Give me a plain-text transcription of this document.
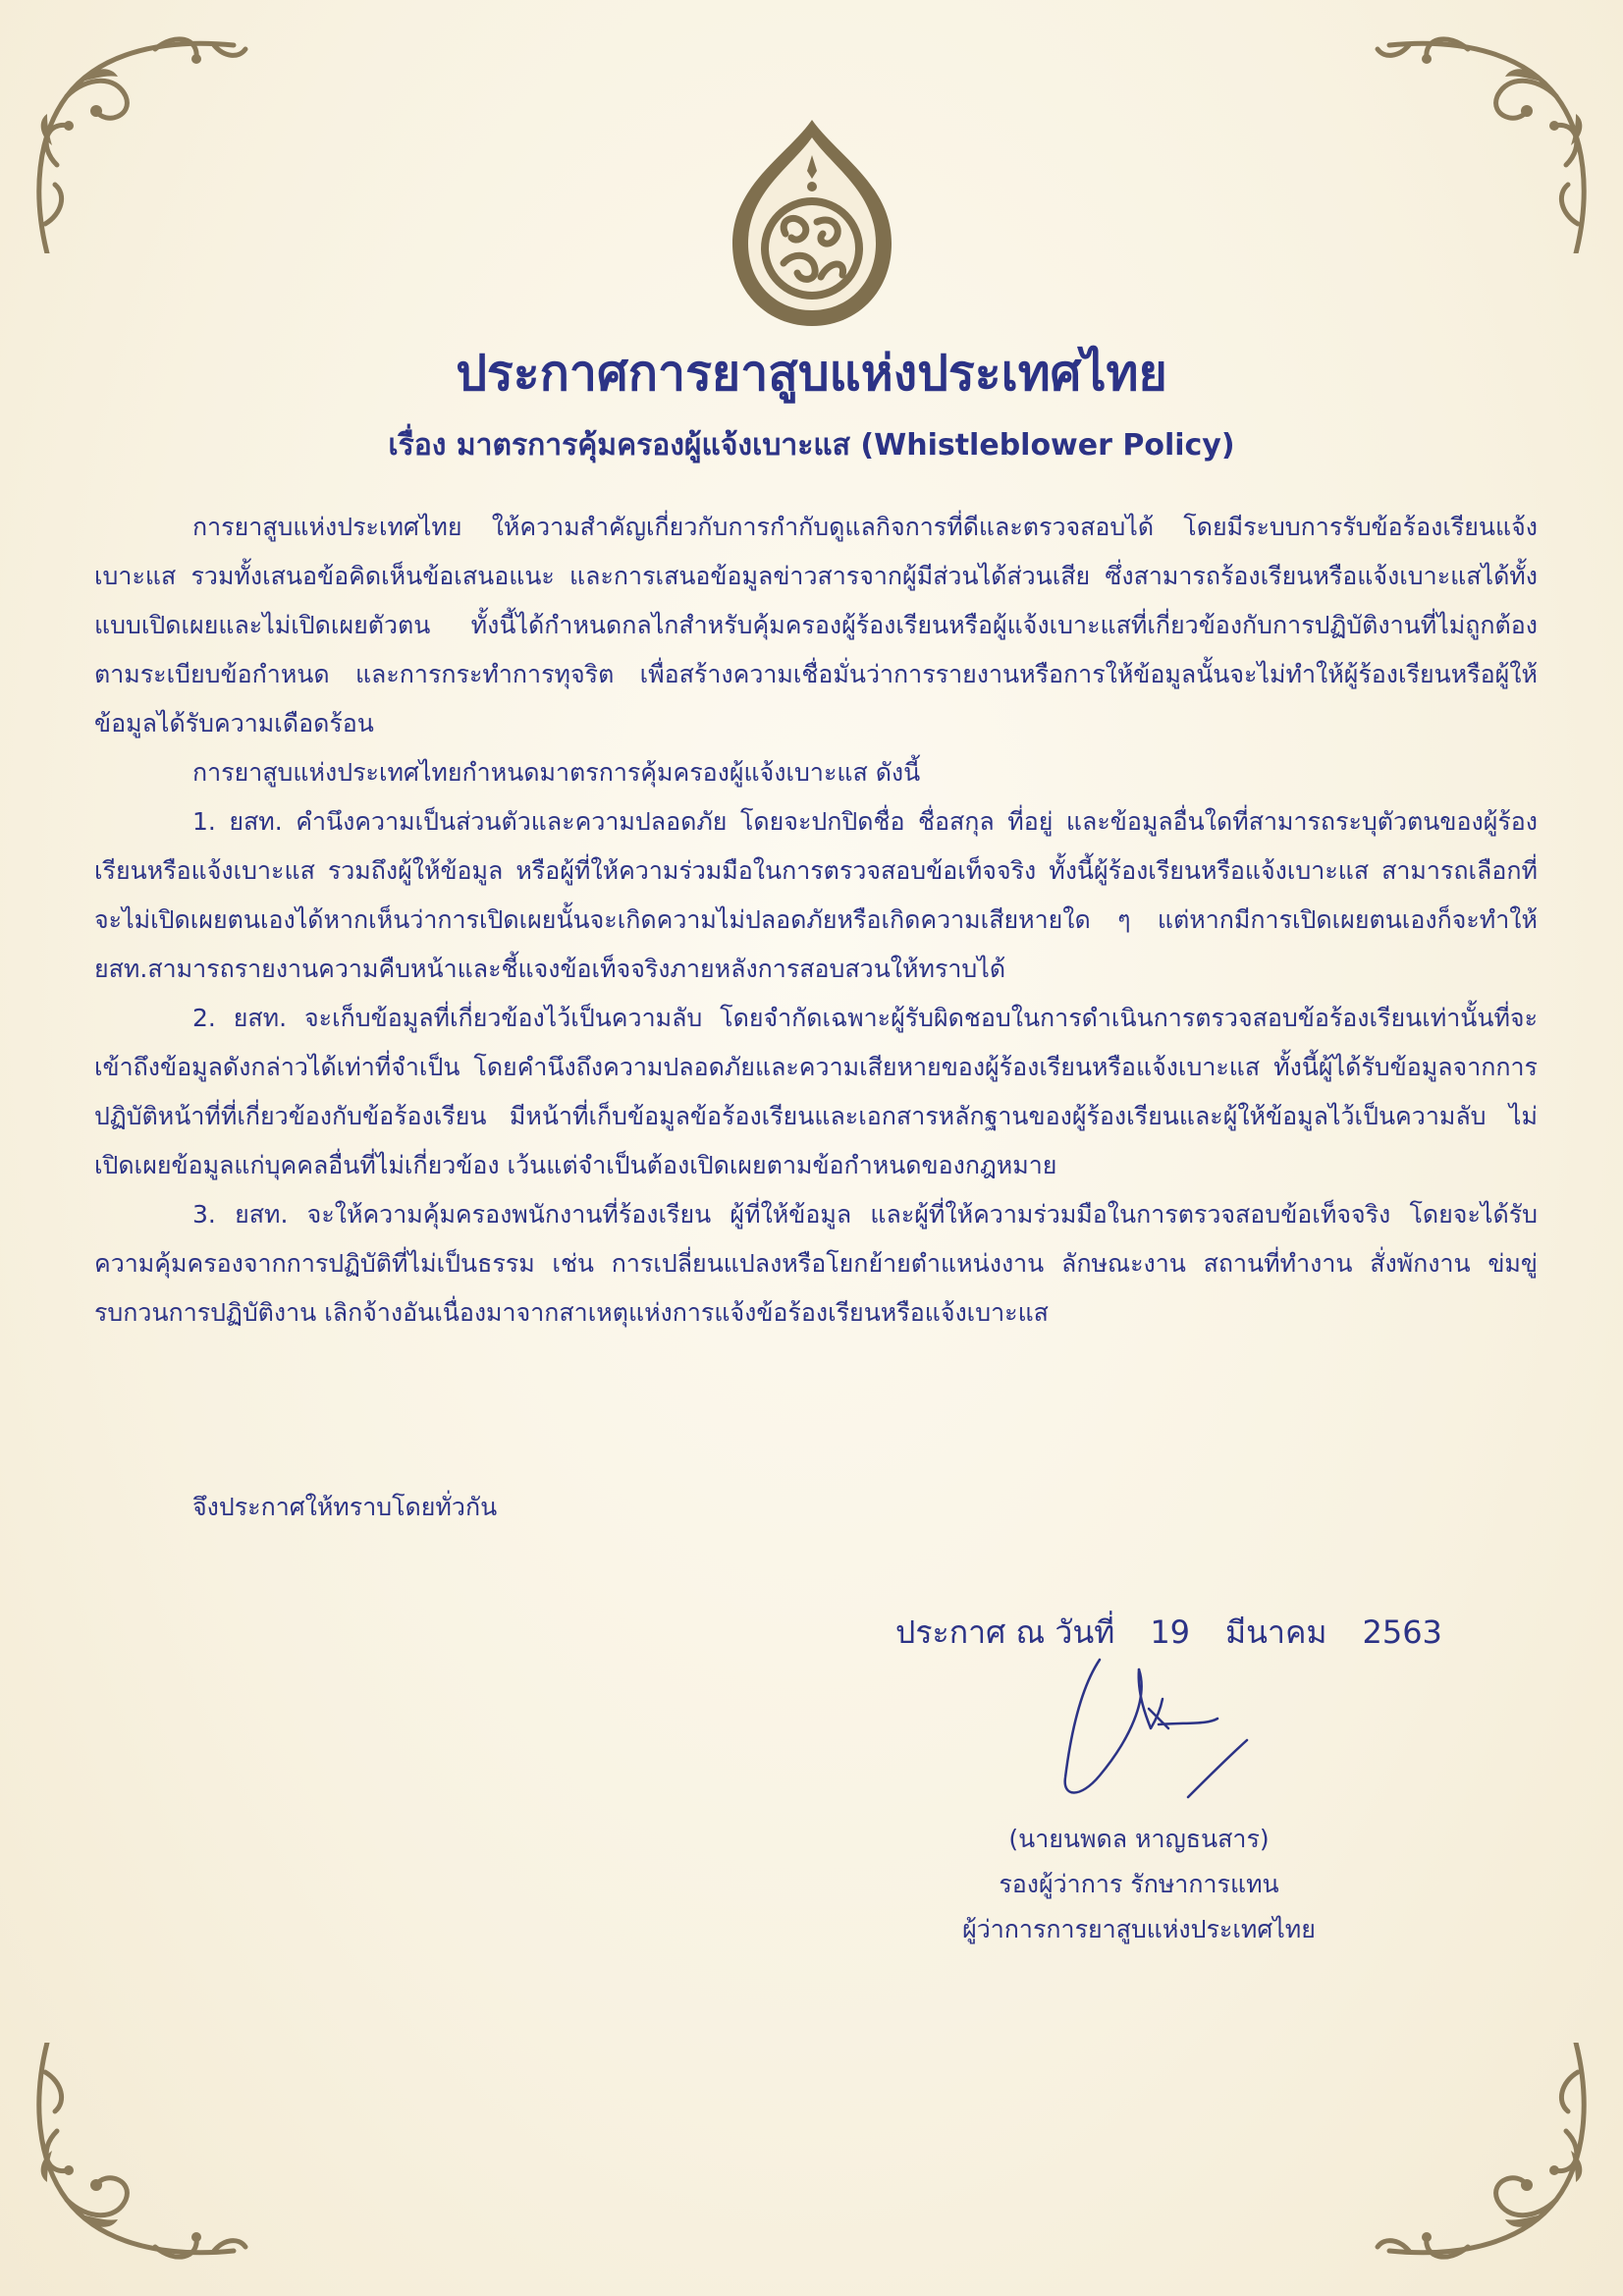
ประกาศการยาสูบแห่งประเทศไทย
เรื่อง มาตรการคุ้มครองผู้แจ้งเบาะแส (Whistleblower Policy)

การยาสูบแห่งประเทศไทย ให้ความสำคัญเกี่ยวกับการกำกับดูแลกิจการที่ดีและตรวจสอบได้ โดยมีระบบการรับข้อร้องเรียนแจ้งเบาะแส รวมทั้งเสนอข้อคิดเห็นข้อเสนอแนะ และการเสนอข้อมูลข่าวสารจากผู้มีส่วนได้ส่วนเสีย ซึ่งสามารถร้องเรียนหรือแจ้งเบาะแสได้ทั้งแบบเปิดเผยและไม่เปิดเผยตัวตน ทั้งนี้ได้กำหนดกลไกสำหรับคุ้มครองผู้ร้องเรียนหรือผู้แจ้งเบาะแสที่เกี่ยวข้องกับการปฏิบัติงานที่ไม่ถูกต้องตามระเบียบข้อกำหนด และการกระทำการทุจริต เพื่อสร้างความเชื่อมั่นว่าการรายงานหรือการให้ข้อมูลนั้นจะไม่ทำให้ผู้ร้องเรียนหรือผู้ให้ข้อมูลได้รับความเดือดร้อน

การยาสูบแห่งประเทศไทยกำหนดมาตรการคุ้มครองผู้แจ้งเบาะแส ดังนี้

1. ยสท. คำนึงความเป็นส่วนตัวและความปลอดภัย โดยจะปกปิดชื่อ ชื่อสกุล ที่อยู่ และข้อมูลอื่นใดที่สามารถระบุตัวตนของผู้ร้องเรียนหรือแจ้งเบาะแส รวมถึงผู้ให้ข้อมูล หรือผู้ที่ให้ความร่วมมือในการตรวจสอบข้อเท็จจริง ทั้งนี้ผู้ร้องเรียนหรือแจ้งเบาะแส สามารถเลือกที่จะไม่เปิดเผยตนเองได้หากเห็นว่าการเปิดเผยนั้นจะเกิดความไม่ปลอดภัยหรือเกิดความเสียหายใด ๆ แต่หากมีการเปิดเผยตนเองก็จะทำให้ ยสท.สามารถรายงานความคืบหน้าและชี้แจงข้อเท็จจริงภายหลังการสอบสวนให้ทราบได้

2. ยสท. จะเก็บข้อมูลที่เกี่ยวข้องไว้เป็นความลับ โดยจำกัดเฉพาะผู้รับผิดชอบในการดำเนินการตรวจสอบข้อร้องเรียนเท่านั้นที่จะเข้าถึงข้อมูลดังกล่าวได้เท่าที่จำเป็น โดยคำนึงถึงความปลอดภัยและความเสียหายของผู้ร้องเรียนหรือแจ้งเบาะแส ทั้งนี้ผู้ได้รับข้อมูลจากการปฏิบัติหน้าที่ที่เกี่ยวข้องกับข้อร้องเรียน มีหน้าที่เก็บข้อมูลข้อร้องเรียนและเอกสารหลักฐานของผู้ร้องเรียนและผู้ให้ข้อมูลไว้เป็นความลับ ไม่เปิดเผยข้อมูลแก่บุคคลอื่นที่ไม่เกี่ยวข้อง เว้นแต่จำเป็นต้องเปิดเผยตามข้อกำหนดของกฎหมาย

3. ยสท. จะให้ความคุ้มครองพนักงานที่ร้องเรียน ผู้ที่ให้ข้อมูล และผู้ที่ให้ความร่วมมือในการตรวจสอบข้อเท็จจริง โดยจะได้รับความคุ้มครองจากการปฏิบัติที่ไม่เป็นธรรม เช่น การเปลี่ยนแปลงหรือโยกย้ายตำแหน่งงาน ลักษณะงาน สถานที่ทำงาน สั่งพักงาน ข่มขู่ รบกวนการปฏิบัติงาน เลิกจ้างอันเนื่องมาจากสาเหตุแห่งการแจ้งข้อร้องเรียนหรือแจ้งเบาะแส

จึงประกาศให้ทราบโดยทั่วกัน
ประกาศ ณ วันที่ 19 มีนาคม 2563
(นายนพดล หาญธนสาร)
รองผู้ว่าการ รักษาการแทน
ผู้ว่าการการยาสูบแห่งประเทศไทย
